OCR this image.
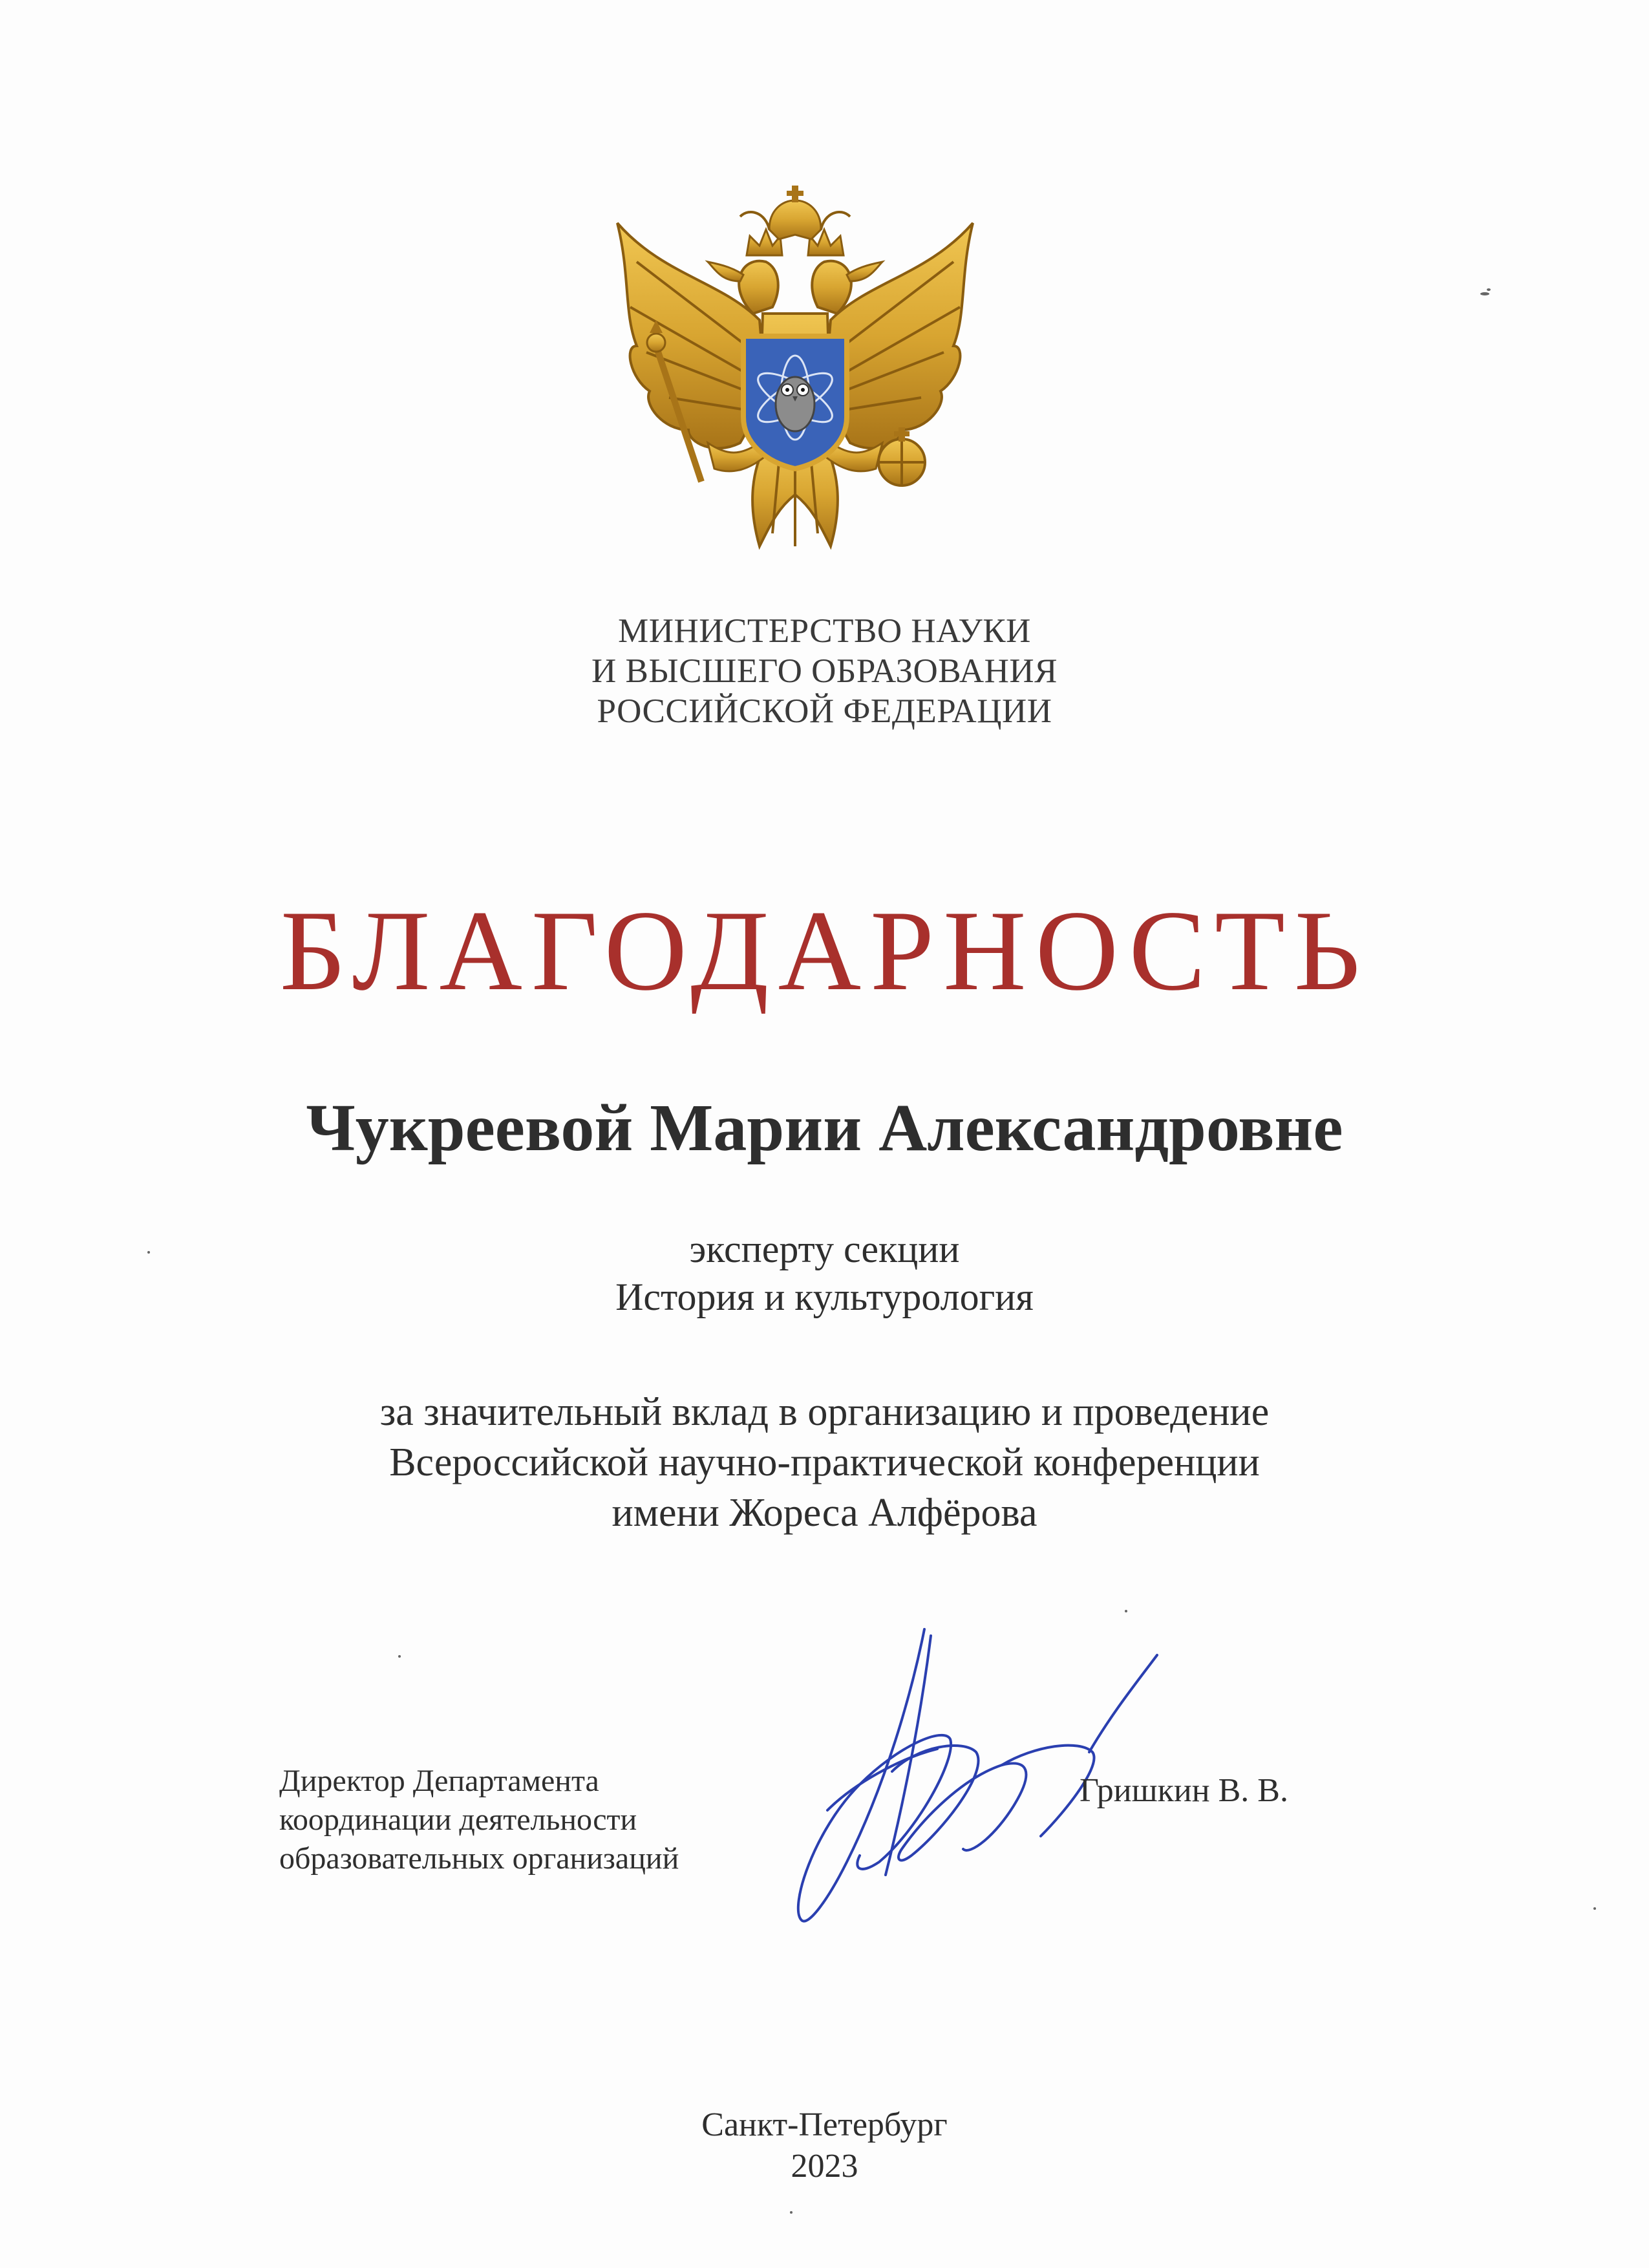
МИНИСТЕРСТВО НАУКИ
И ВЫСШЕГО ОБРАЗОВАНИЯ
РОССИЙСКОЙ ФЕДЕРАЦИИ
БЛАГОДАРНОСТЬ
Чукреевой Марии Александровне
эксперту секции
История и культурология
за значительный вклад в организацию и проведение
Всероссийской научно-практической конференции
имени Жореса Алфёрова
Директор Департамента
координации деятельности
образовательных организаций
Гришкин В. В.
Санкт-Петербург
2023
